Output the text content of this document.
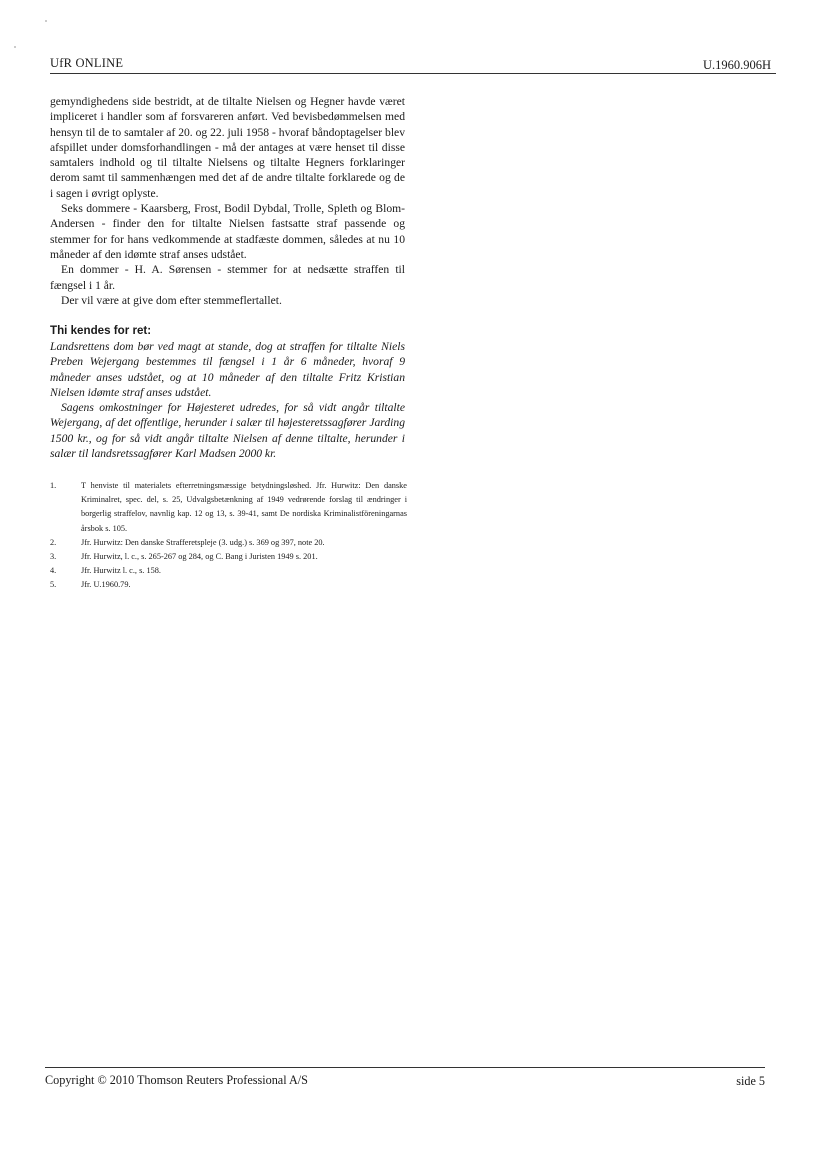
UfR ONLINE	U.1960.906H

gemyndighedens side bestridt, at de tiltalte Nielsen og Hegner havde været impliceret i handler som af forsvareren anført. Ved bevisbedømmelsen med hensyn til de to samtaler af 20. og 22. juli 1958 - hvoraf båndoptagelser blev afspillet under domsforhandlingen - må der antages at være henset til disse samtalers indhold og til tiltalte Nielsens og tiltalte Hegners forklaringer derom samt til sammenhængen med det af de andre tiltalte forklarede og de i sagen i øvrigt oplyste.

Seks dommere - Kaarsberg, Frost, Bodil Dybdal, Trolle, Spleth og Blom-Andersen - finder den for tiltalte Nielsen fastsatte straf passende og stemmer for for hans vedkommende at stadfæste dommen, således at nu 10 måneder af den idømte straf anses udstået.

En dommer - H. A. Sørensen - stemmer for at nedsætte straffen til fængsel i 1 år.

Der vil være at give dom efter stemmeflertallet.

Thi kendes for ret:

Landsrettens dom bør ved magt at stande, dog at straffen for tiltalte Niels Preben Wejergang bestemmes til fængsel i 1 år 6 måneder, hvoraf 9 måneder anses udstået, og at 10 måneder af den tiltalte Fritz Kristian Nielsen idømte straf anses udstået.

Sagens omkostninger for Højesteret udredes, for så vidt angår tiltalte Wejergang, af det offentlige, herunder i salær til højesteretssagfører Jarding 1500 kr., og for så vidt angår tiltalte Nielsen af denne tiltalte, herunder i salær til landsretssagfører Karl Madsen 2000 kr.

1.	T henviste til materialets efterretningsmæssige betydningsløshed. Jfr. Hurwitz: Den danske Kriminalret, spec. del, s. 25, Udvalgsbetænkning af 1949 vedrørende forslag til ændringer i borgerlig straffelov, navnlig kap. 12 og 13, s. 39-41, samt De nordiska Kriminalistföreningarnas årsbok s. 105.
2.	Jfr. Hurwitz: Den danske Strafferetspleje (3. udg.) s. 369 og 397, note 20.
3.	Jfr. Hurwitz, l. c., s. 265-267 og 284, og C. Bang i Juristen 1949 s. 201.
4.	Jfr. Hurwitz l. c., s. 158.
5.	Jfr. U.1960.79.
Copyright © 2010 Thomson Reuters Professional A/S	side 5
